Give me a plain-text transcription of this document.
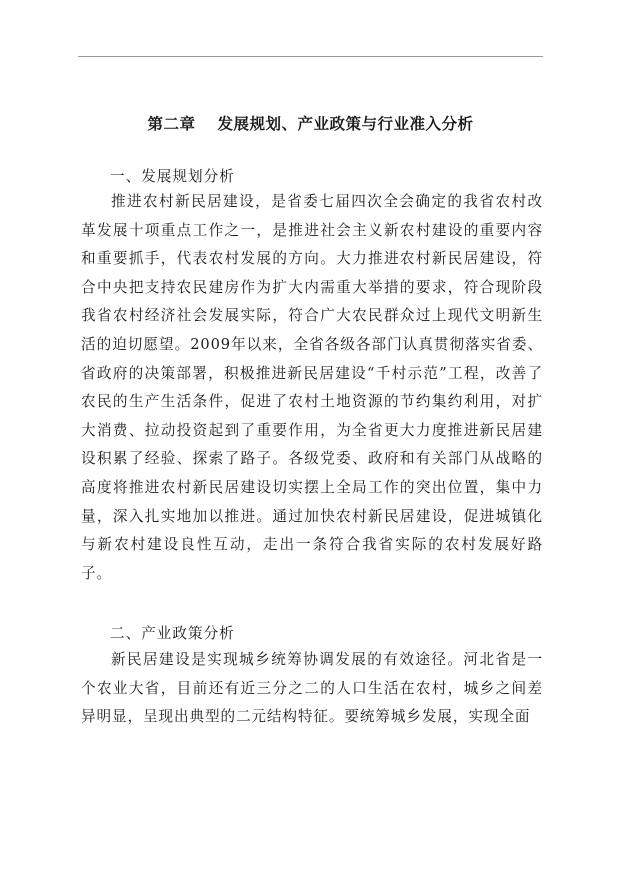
第二章 发展规划、产业政策与行业准入分析
一、发展规划分析

推进农村新民居建设，是省委七届四次全会确定的我省农村改革发展十项重点工作之一，是推进社会主义新农村建设的重要内容和重要抓手，代表农村发展的方向。大力推进农村新民居建设，符合中央把支持农民建房作为扩大内需重大举措的要求，符合现阶段我省农村经济社会发展实际，符合广大农民群众过上现代文明新生活的迫切愿望。2009年以来，全省各级各部门认真贯彻落实省委、省政府的决策部署，积极推进新民居建设“千村示范”工程，改善了农民的生产生活条件，促进了农村土地资源的节约集约利用，对扩大消费、拉动投资起到了重要作用，为全省更大力度推进新民居建设积累了经验、探索了路子。各级党委、政府和有关部门从战略的高度将推进农村新民居建设切实摆上全局工作的突出位置，集中力量，深入扎实地加以推进。通过加快农村新民居建设，促进城镇化与新农村建设良性互动，走出一条符合我省实际的农村发展好路子。

二、产业政策分析

新民居建设是实现城乡统筹协调发展的有效途径。河北省是一个农业大省，目前还有近三分之二的人口生活在农村，城乡之间差异明显，呈现出典型的二元结构特征。要统筹城乡发展，实现全面
